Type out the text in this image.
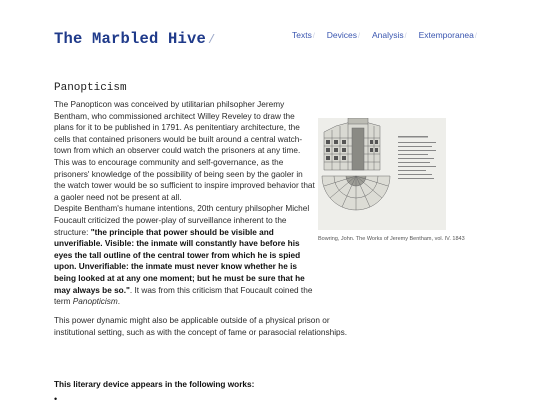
The Marbled Hive /	Texts/ Devices/ Analysis/ Extemporanea/
Panopticism
The Panopticon was conceived by utilitarian philsopher Jeremy Bentham, who commissioned architect Willey Reveley to draw the plans for it to be published in 1791. As penitentiary architecture, the cells that contained prisoners would be built around a central watch-town from which an observer could watch the prisoners at any time. This was to encourage community and self-governance, as the prisoners' knowledge of the possibility of being seen by the gaoler in the watch tower would be so sufficient to inspire improved behavior that a gaoler need not be present at all.
Despite Bentham's humane intentions, 20th century philsopher Michel Foucault criticized the power-play of surveillance inherent to the structure: "the principle that power should be visible and unverifiable. Visible: the inmate will constantly have before his eyes the tall outline of the central tower from which he is spied upon. Unverifiable: the inmate must never know whether he is being looked at at any one moment; but he must be sure that he may always be so.". It was from this criticism that Foucault coined the term Panopticism.
Bowring, John. The Works of Jeremy Bentham, vol. IV. 1843
This power dynamic might also be applicable outside of a physical prison or institutional setting, such as with the concept of fame or parasocial relationships.
This literary device appears in the following works:
•
